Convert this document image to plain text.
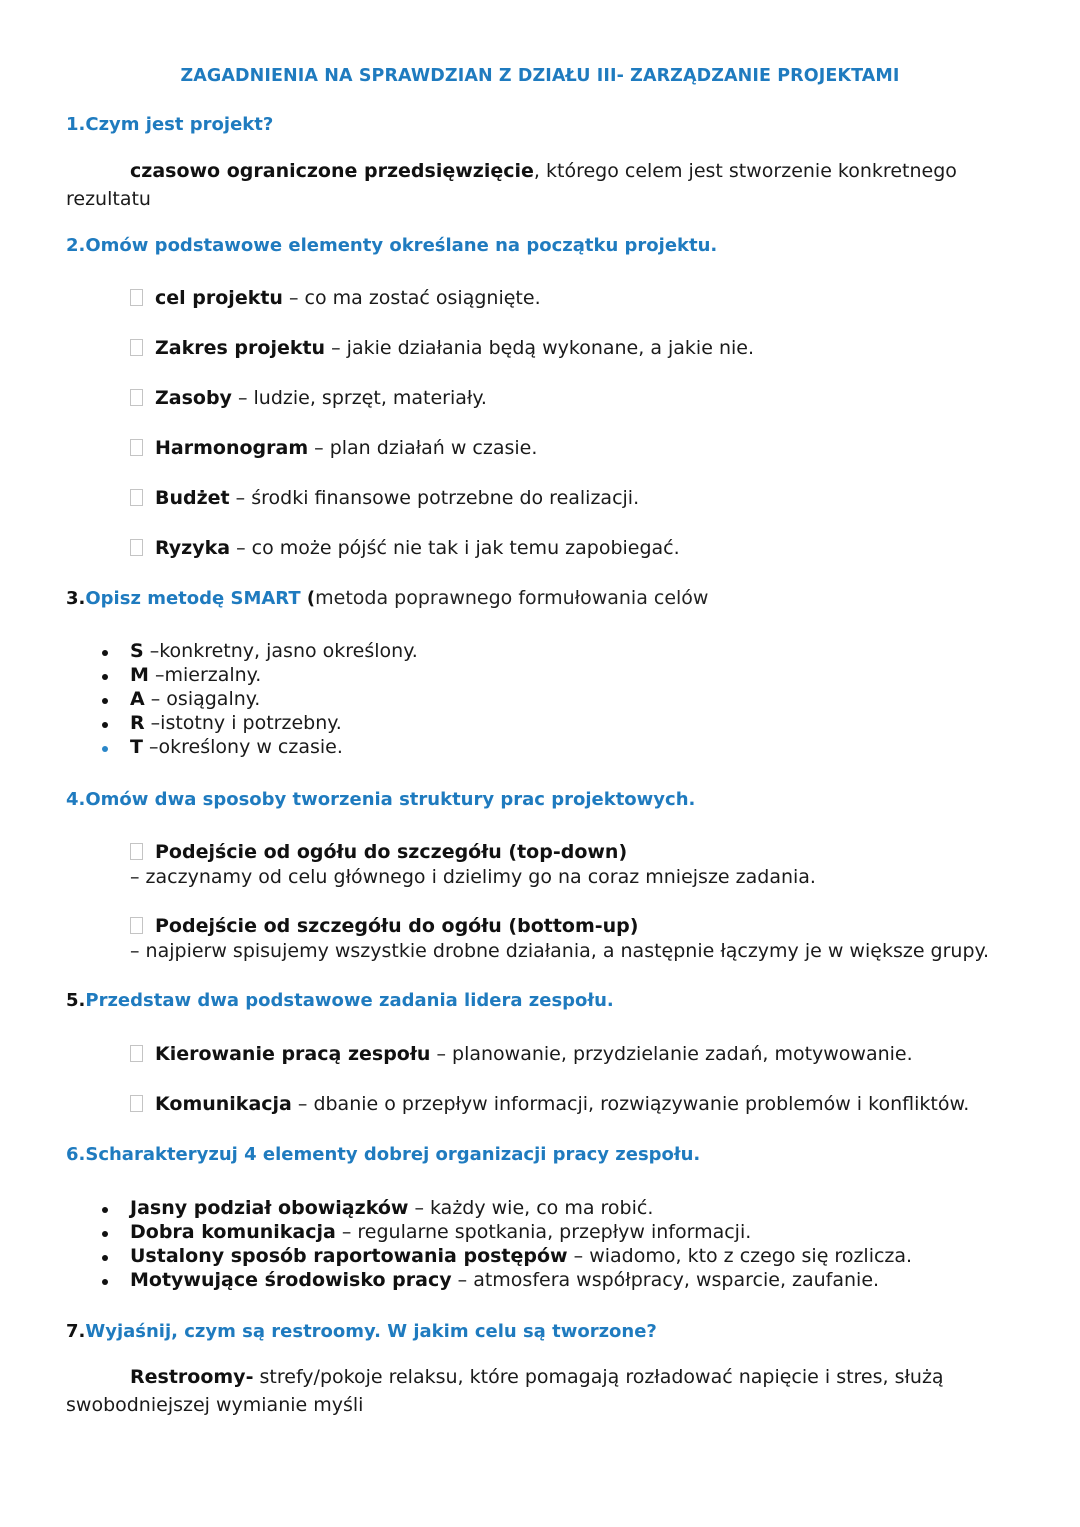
ZAGADNIENIA NA SPRAWDZIAN Z DZIAŁU III- ZARZĄDZANIE PROJEKTAMI
1.Czym jest projekt?
czasowo ograniczone przedsięwzięcie, którego celem jest stworzenie konkretnego
rezultatu
2.Omów podstawowe elementy określane na początku projektu.
cel projektu – co ma zostać osiągnięte.
Zakres projektu – jakie działania będą wykonane, a jakie nie.
Zasoby – ludzie, sprzęt, materiały.
Harmonogram – plan działań w czasie.
Budżet – środki finansowe potrzebne do realizacji.
Ryzyka – co może pójść nie tak i jak temu zapobiegać.
3.Opisz metodę SMART (metoda poprawnego formułowania celów
S –konkretny, jasno określony.
M –mierzalny.
A – osiągalny.
R –istotny i potrzebny.
T –określony w czasie.
4.Omów dwa sposoby tworzenia struktury prac projektowych.
Podejście od ogółu do szczegółu (top-down)
– zaczynamy od celu głównego i dzielimy go na coraz mniejsze zadania.
Podejście od szczegółu do ogółu (bottom-up)
– najpierw spisujemy wszystkie drobne działania, a następnie łączymy je w większe grupy.
5.Przedstaw dwa podstawowe zadania lidera zespołu.
Kierowanie pracą zespołu – planowanie, przydzielanie zadań, motywowanie.
Komunikacja – dbanie o przepływ informacji, rozwiązywanie problemów i konfliktów.
6.Scharakteryzuj 4 elementy dobrej organizacji pracy zespołu.
Jasny podział obowiązków – każdy wie, co ma robić.
Dobra komunikacja – regularne spotkania, przepływ informacji.
Ustalony sposób raportowania postępów – wiadomo, kto z czego się rozlicza.
Motywujące środowisko pracy – atmosfera współpracy, wsparcie, zaufanie.
7.Wyjaśnij, czym są restroomy. W jakim celu są tworzone?
Restroomy- strefy/pokoje relaksu, które pomagają rozładować napięcie i stres, służą
swobodniejszej wymianie myśli
